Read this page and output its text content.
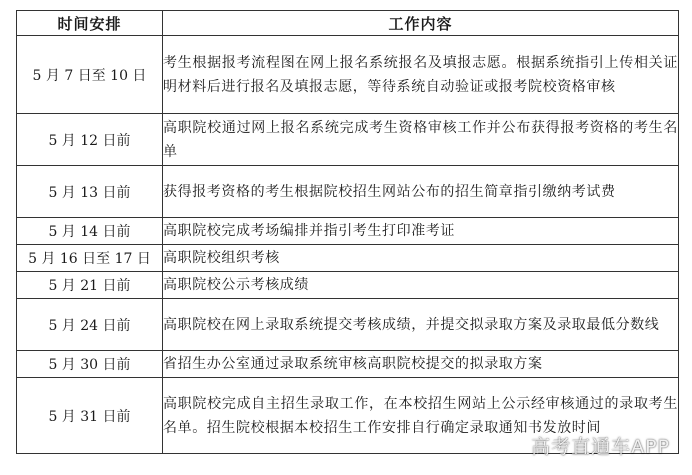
时间安排	工作内容
5 月 7 日至 10 日	考生根据报考流程图在网上报名系统报名及填报志愿。根据系统指引上传相关证明材料后进行报名及填报志愿，等待系统自动验证或报考院校资格审核
5 月 12 日前	高职院校通过网上报名系统完成考生资格审核工作并公布获得报考资格的考生名单
5 月 13 日前	获得报考资格的考生根据院校招生网站公布的招生简章指引缴纳考试费
5 月 14 日前	高职院校完成考场编排并指引考生打印准考证
5 月 16 日至 17 日	高职院校组织考核
5 月 21 日前	高职院校公示考核成绩
5 月 24 日前	高职院校在网上录取系统提交考核成绩，并提交拟录取方案及录取最低分数线
5 月 30 日前	省招生办公室通过录取系统审核高职院校提交的拟录取方案
5 月 31 日前	高职院校完成自主招生录取工作，在本校招生网站上公示经审核通过的录取考生名单。招生院校根据本校招生工作安排自行确定录取通知书发放时间
高考直通车APP
